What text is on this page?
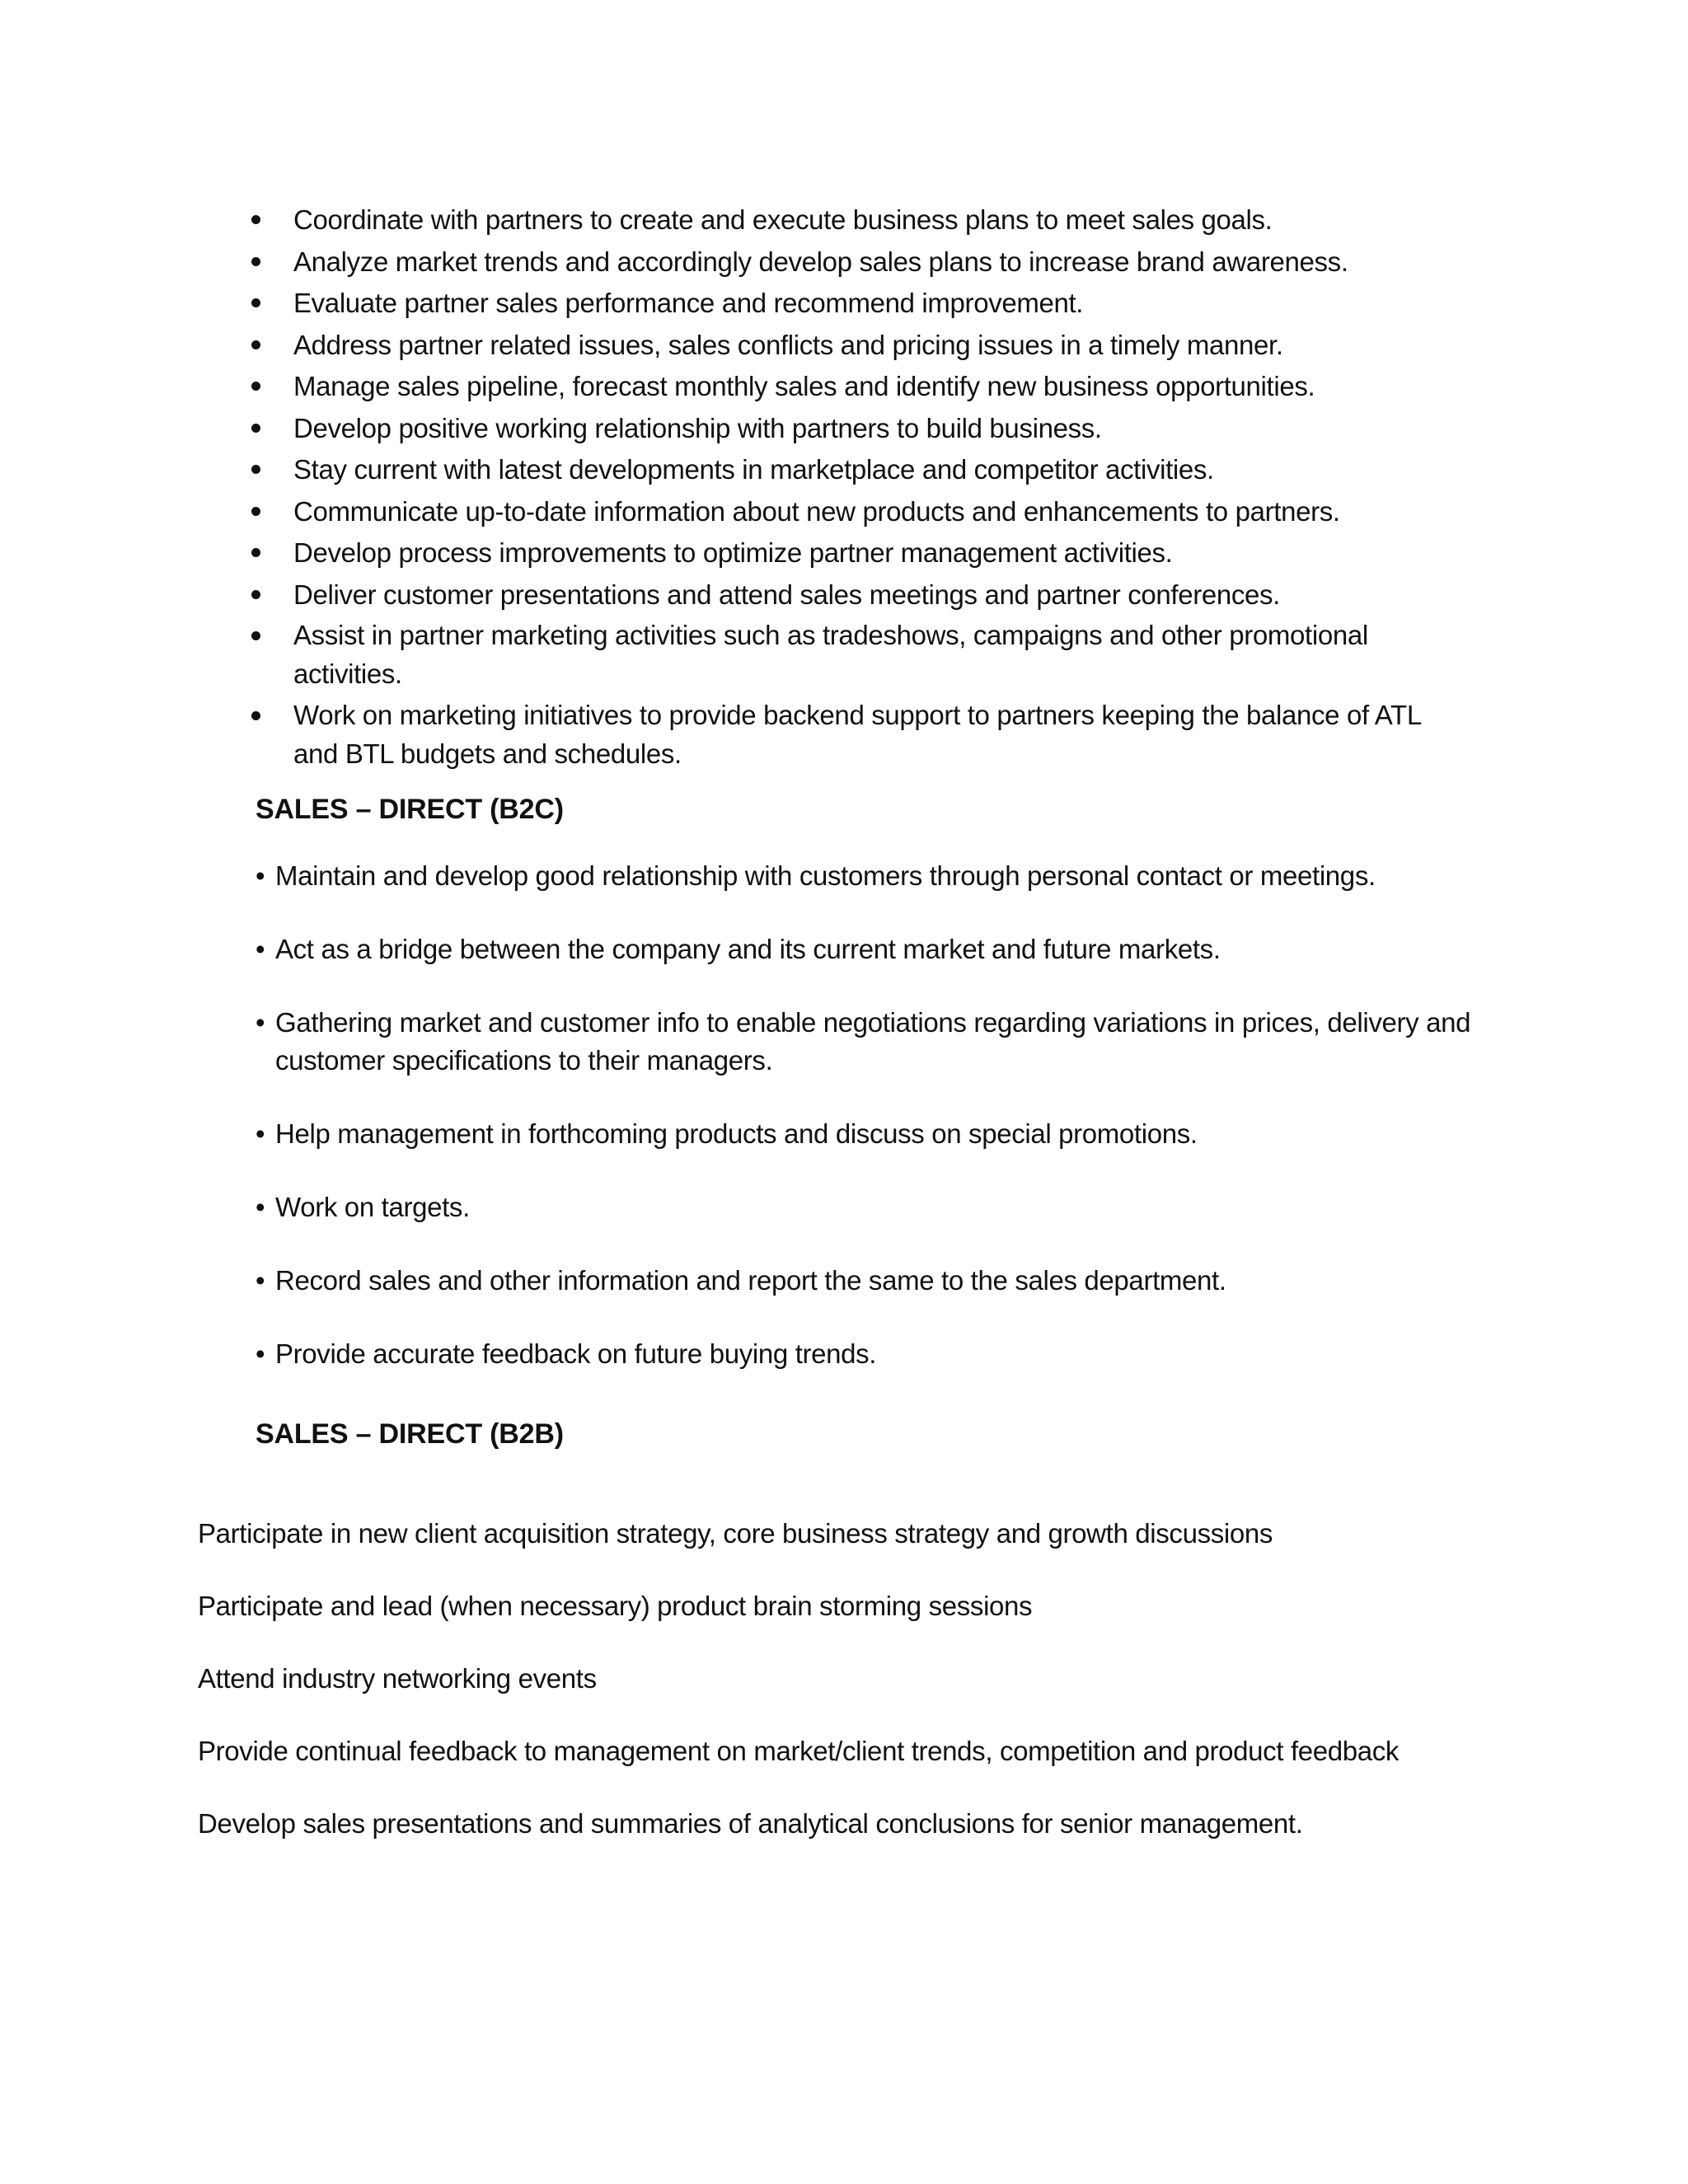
Coordinate with partners to create and execute business plans to meet sales goals.
Analyze market trends and accordingly develop sales plans to increase brand awareness.
Evaluate partner sales performance and recommend improvement.
Address partner related issues, sales conflicts and pricing issues in a timely manner.
Manage sales pipeline, forecast monthly sales and identify new business opportunities.
Develop positive working relationship with partners to build business.
Stay current with latest developments in marketplace and competitor activities.
Communicate up-to-date information about new products and enhancements to partners.
Develop process improvements to optimize partner management activities.
Deliver customer presentations and attend sales meetings and partner conferences.
Assist in partner marketing activities such as tradeshows, campaigns and other promotional activities.
Work on marketing initiatives to provide backend support to partners keeping the balance of ATL and BTL budgets and schedules.
SALES – DIRECT (B2C)
• Maintain and develop good relationship with customers through personal contact or meetings.
• Act as a bridge between the company and its current market and future markets.
• Gathering market and customer info to enable negotiations regarding variations in prices, delivery and customer specifications to their managers.
• Help management in forthcoming products and discuss on special promotions.
• Work on targets.
• Record sales and other information and report the same to the sales department.
• Provide accurate feedback on future buying trends.
SALES – DIRECT (B2B)

Participate in new client acquisition strategy, core business strategy and growth discussions

Participate and lead (when necessary) product brain storming sessions

Attend industry networking events

Provide continual feedback to management on market/client trends, competition and product feedback

Develop sales presentations and summaries of analytical conclusions for senior management.
